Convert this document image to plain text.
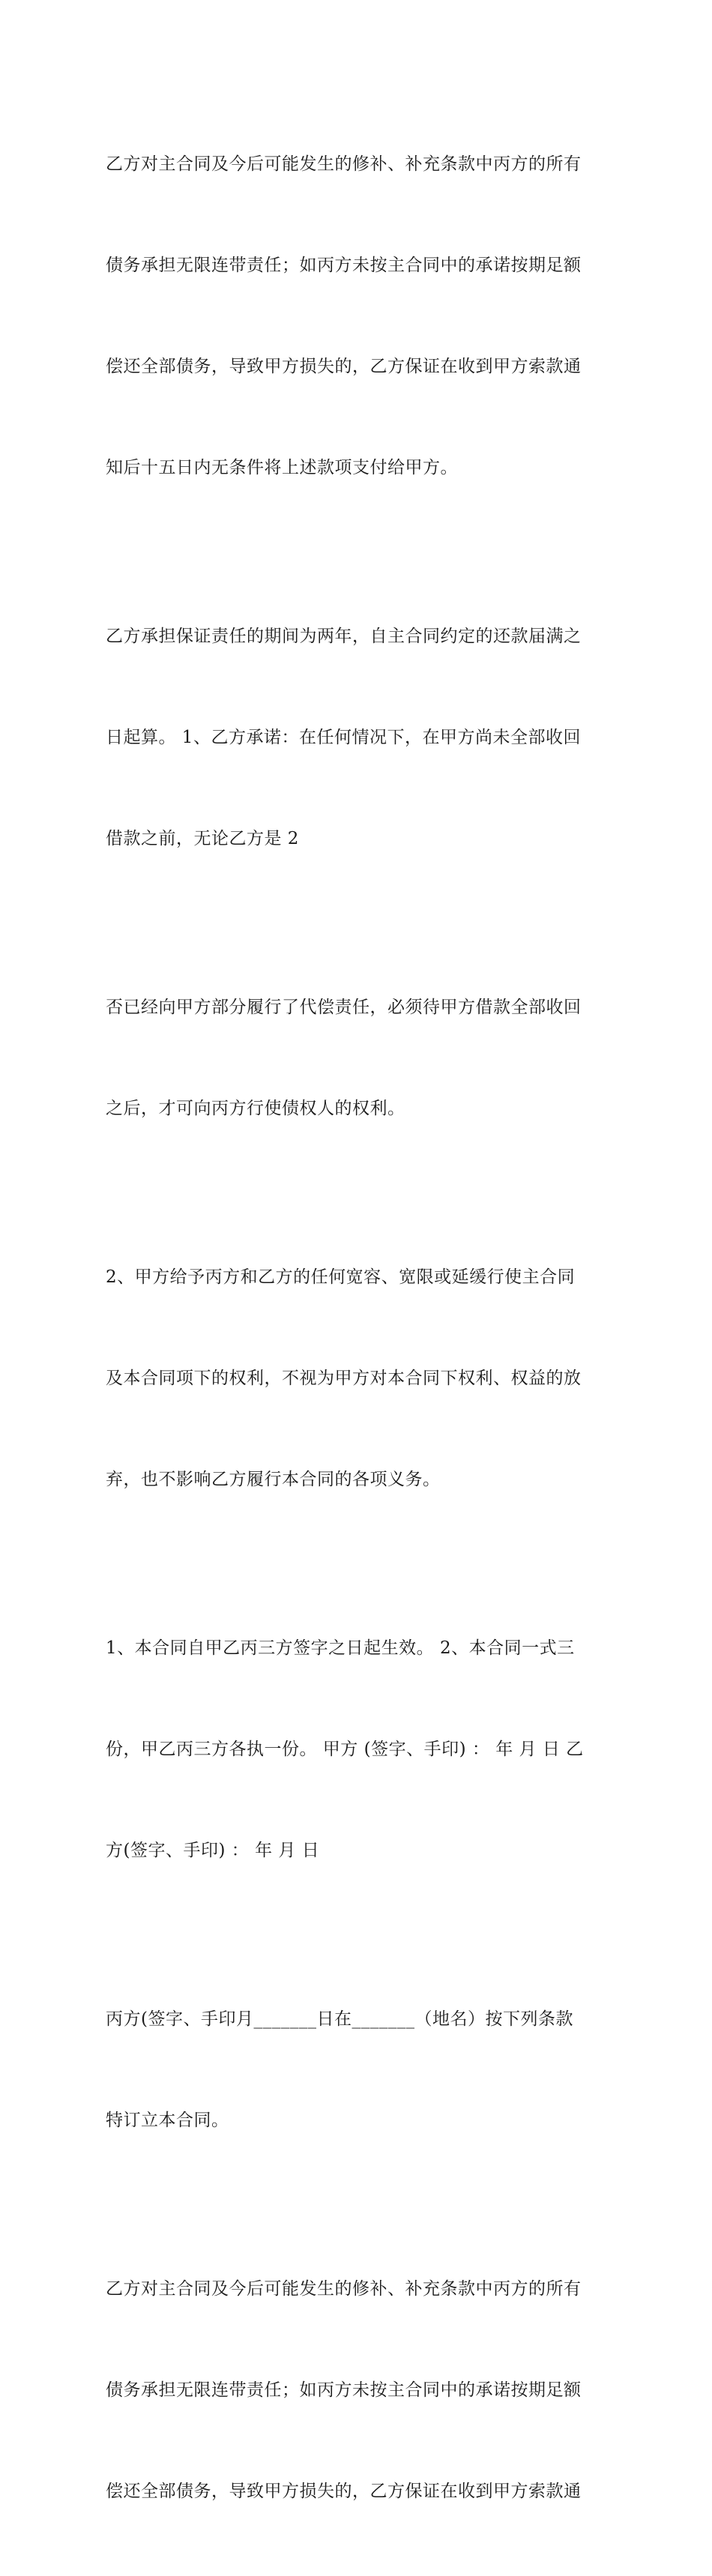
乙方对主合同及今后可能发生的修补、补充条款中丙方的所有

债务承担无限连带责任；如丙方未按主合同中的承诺按期足额

偿还全部债务，导致甲方损失的，乙方保证在收到甲方索款通

知后十五日内无条件将上述款项支付给甲方。

乙方承担保证责任的期间为两年，自主合同约定的还款届满之

日起算。 1、乙方承诺：在任何情况下，在甲方尚未全部收回

借款之前，无论乙方是 2

否已经向甲方部分履行了代偿责任，必须待甲方借款全部收回

之后，才可向丙方行使债权人的权利。

2、甲方给予丙方和乙方的任何宽容、宽限或延缓行使主合同

及本合同项下的权利，不视为甲方对本合同下权利、权益的放

弃，也不影响乙方履行本合同的各项义务。

1、本合同自甲乙丙三方签字之日起生效。 2、本合同一式三

份，甲乙丙三方各执一份。 甲方 (签字、手印) ： 年 月 日 乙

方(签字、手印) ： 年 月 日

丙方(签字、手印月_______日在_______（地名）按下列条款

特订立本合同。

乙方对主合同及今后可能发生的修补、补充条款中丙方的所有

债务承担无限连带责任；如丙方未按主合同中的承诺按期足额

偿还全部债务，导致甲方损失的，乙方保证在收到甲方索款通
